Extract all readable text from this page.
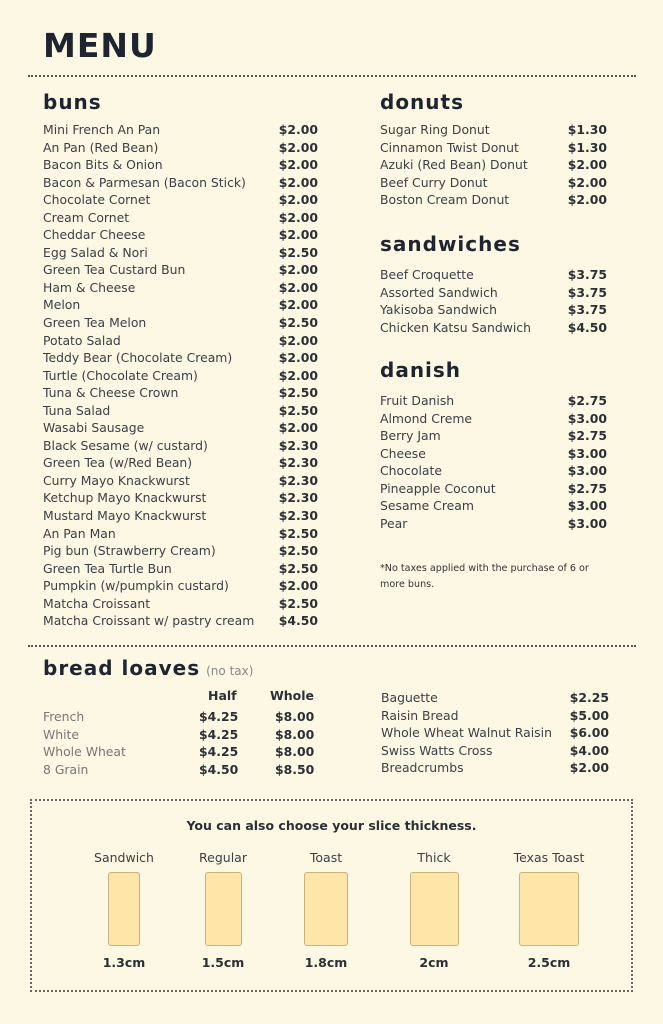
MENU
buns
Mini French An Pan	$2.00
An Pan (Red Bean)	$2.00
Bacon Bits & Onion	$2.00
Bacon & Parmesan (Bacon Stick)	$2.00
Chocolate Cornet	$2.00
Cream Cornet	$2.00
Cheddar Cheese	$2.00
Egg Salad & Nori	$2.50
Green Tea Custard Bun	$2.00
Ham & Cheese	$2.00
Melon	$2.00
Green Tea Melon	$2.50
Potato Salad	$2.00
Teddy Bear (Chocolate Cream)	$2.00
Turtle (Chocolate Cream)	$2.00
Tuna & Cheese Crown	$2.50
Tuna Salad	$2.50
Wasabi Sausage	$2.00
Black Sesame (w/ custard)	$2.30
Green Tea (w/Red Bean)	$2.30
Curry Mayo Knackwurst	$2.30
Ketchup Mayo Knackwurst	$2.30
Mustard Mayo Knackwurst	$2.30
An Pan Man	$2.50
Pig bun (Strawberry Cream)	$2.50
Green Tea Turtle Bun	$2.50
Pumpkin (w/pumpkin custard)	$2.00
Matcha Croissant	$2.50
Matcha Croissant w/ pastry cream $4.50
donuts
Sugar Ring Donut	$1.30
Cinnamon Twist Donut	$1.30
Azuki (Red Bean) Donut	$2.00
Beef Curry Donut	$2.00
Boston Cream Donut	$2.00
sandwiches
Beef Croquette	$3.75
Assorted Sandwich	$3.75
Yakisoba Sandwich	$3.75
Chicken Katsu Sandwich	$4.50
danish
Fruit Danish	$2.75
Almond Creme	$3.00
Berry Jam	$2.75
Cheese	$3.00
Chocolate	$3.00
Pineapple Coconut	$2.75
Sesame Cream	$3.00
Pear	$3.00
*No taxes applied with the purchase of 6 or more buns.
bread loaves (no tax)
Half	Whole
French	$4.25	$8.00
White	$4.25	$8.00
Whole Wheat	$4.25	$8.00
8 Grain	$4.50	$8.50
Baguette	$2.25
Raisin Bread	$5.00
Whole Wheat Walnut Raisin $6.00
Swiss Watts Cross	$4.00
Breadcrumbs	$2.00
You can also choose your slice thickness.
Sandwich
1.3cm
Regular
1.5cm
Toast
1.8cm
Thick
2cm
Texas Toast
2.5cm
